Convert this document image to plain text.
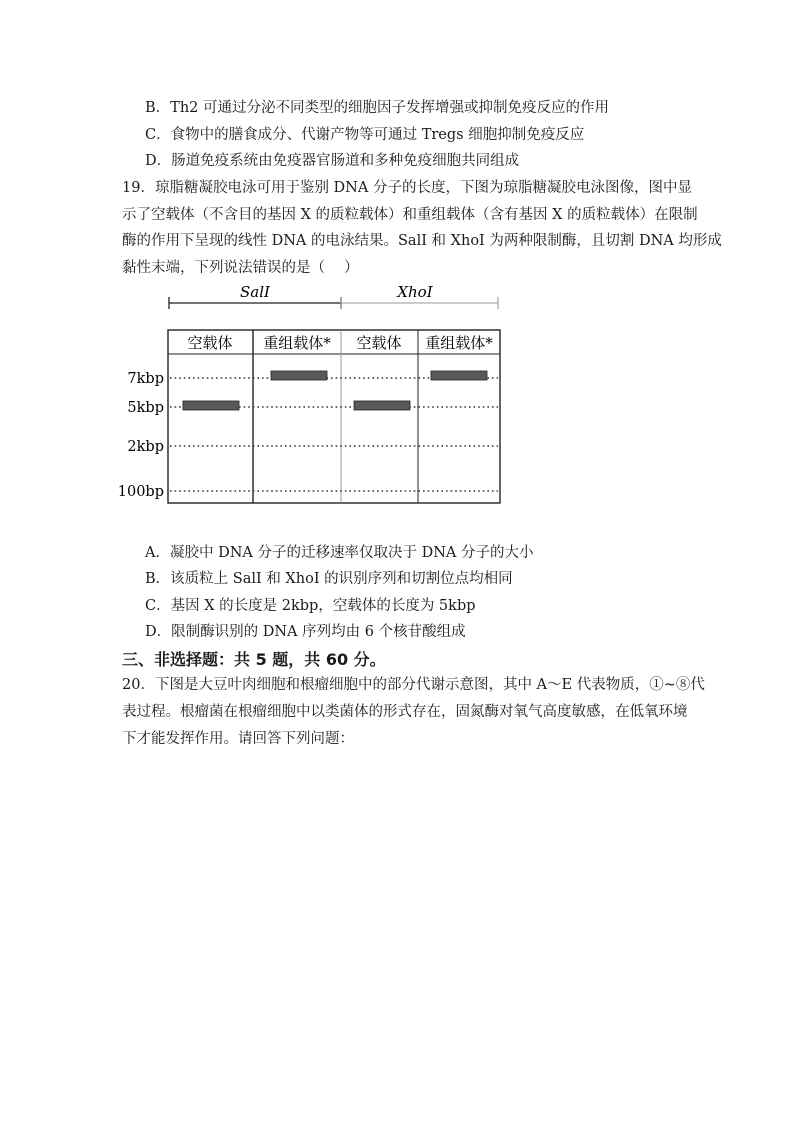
B．Th2 可通过分泌不同类型的细胞因子发挥增强或抑制免疫反应的作用
C．食物中的膳食成分、代谢产物等可通过 Tregs 细胞抑制免疫反应
D．肠道免疫系统由免疫器官肠道和多种免疫细胞共同组成
19．琼脂糖凝胶电泳可用于鉴别 DNA 分子的长度，下图为琼脂糖凝胶电泳图像，图中显
示了空载体（不含目的基因 X 的质粒载体）和重组载体（含有基因 X 的质粒载体）在限制
酶的作用下呈现的线性 DNA 的电泳结果。SalI 和 XhoI 为两种限制酶，且切割 DNA 均形成
黏性末端，下列说法错误的是（　 ）
SalⅠ	XhoⅠ
空载体 重组载体* 空载体 重组载体*
7kbp
5kbp
2kbp
100bp
A．凝胶中 DNA 分子的迁移速率仅取决于 DNA 分子的大小
B．该质粒上 SalI 和 XhoI 的识别序列和切割位点均相同
C．基因 X 的长度是 2kbp，空载体的长度为 5kbp
D．限制酶识别的 DNA 序列均由 6 个核苷酸组成
三、非选择题：共 5 题，共 60 分。
20．下图是大豆叶肉细胞和根瘤细胞中的部分代谢示意图，其中 A～E 代表物质，①~⑧代
表过程。根瘤菌在根瘤细胞中以类菌体的形式存在，固氮酶对氧气高度敏感，在低氧环境
下才能发挥作用。请回答下列问题：
